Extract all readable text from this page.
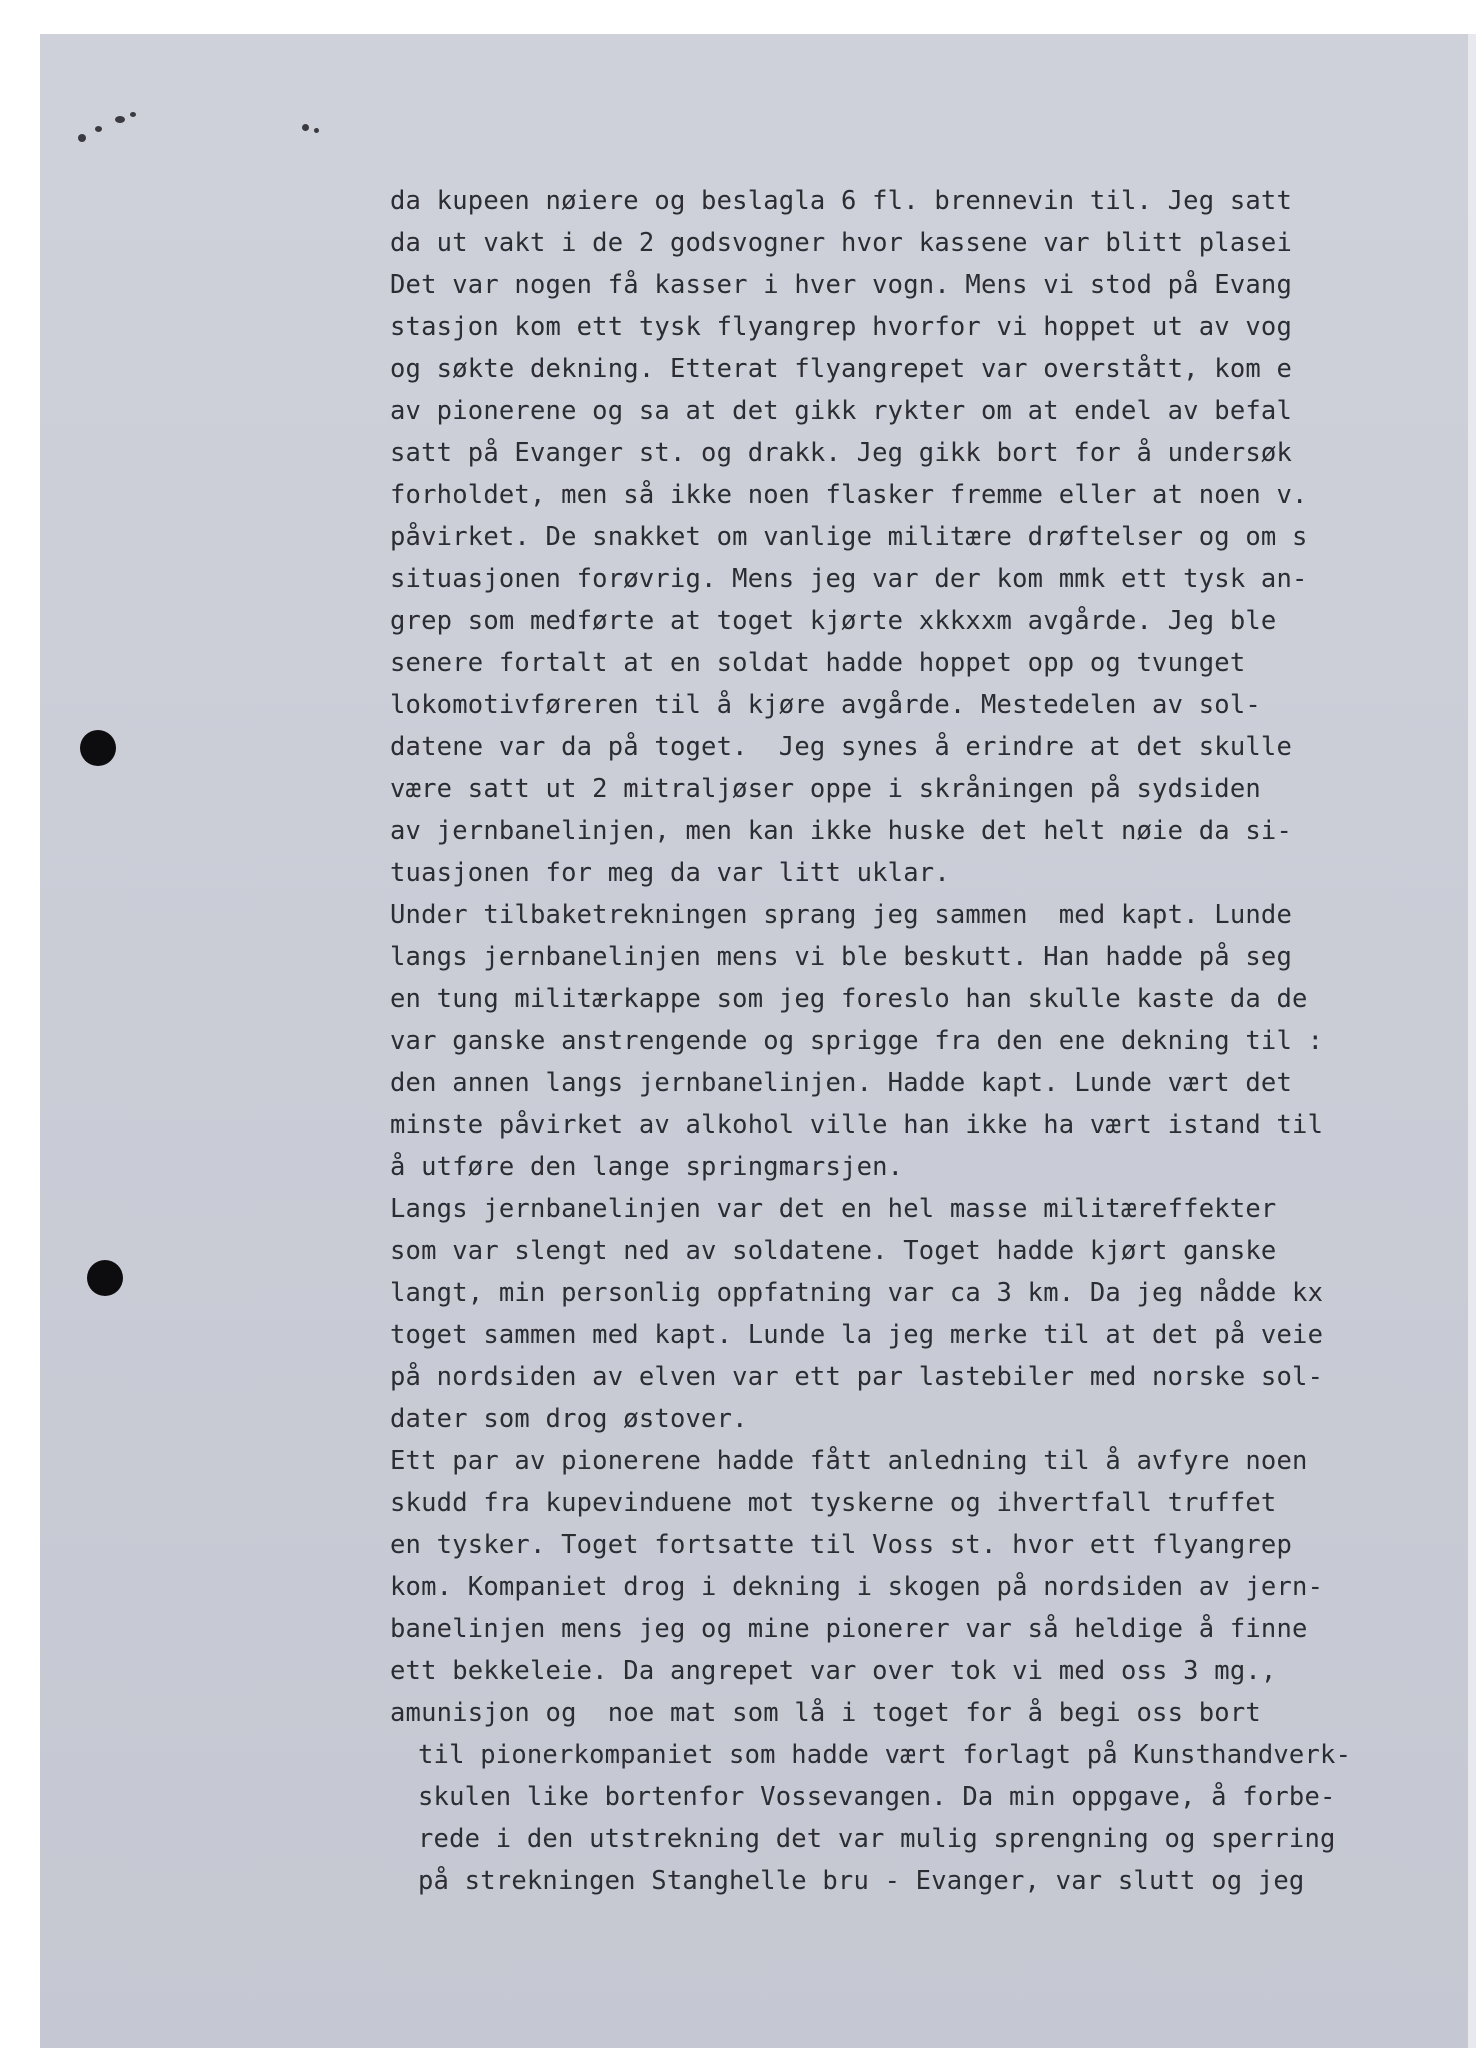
da kupeen nøiere og beslagla 6 fl. brennevin til. Jeg satt
da ut vakt i de 2 godsvogner hvor kassene var blitt plasei
Det var nogen få kasser i hver vogn. Mens vi stod på Evang
stasjon kom ett tysk flyangrep hvorfor vi hoppet ut av vog
og søkte dekning. Etterat flyangrepet var overstått, kom e
av pionerene og sa at det gikk rykter om at endel av befal
satt på Evanger st. og drakk. Jeg gikk bort for å undersøk
forholdet, men så ikke noen flasker fremme eller at noen v.
påvirket. De snakket om vanlige militære drøftelser og om s
situasjonen forøvrig. Mens jeg var der kom mmk ett tysk an-
grep som medførte at toget kjørte xkkxxm avgårde. Jeg ble
senere fortalt at en soldat hadde hoppet opp og tvunget
lokomotivføreren til å kjøre avgårde. Mestedelen av sol-
datene var da på toget.  Jeg synes å erindre at det skulle
være satt ut 2 mitraljøser oppe i skråningen på sydsiden
av jernbanelinjen, men kan ikke huske det helt nøie da si-
tuasjonen for meg da var litt uklar.
Under tilbaketrekningen sprang jeg sammen  med kapt. Lunde
langs jernbanelinjen mens vi ble beskutt. Han hadde på seg
en tung militærkappe som jeg foreslo han skulle kaste da de
var ganske anstrengende og sprigge fra den ene dekning til :
den annen langs jernbanelinjen. Hadde kapt. Lunde vært det
minste påvirket av alkohol ville han ikke ha vært istand til
å utføre den lange springmarsjen.
Langs jernbanelinjen var det en hel masse militæreffekter
som var slengt ned av soldatene. Toget hadde kjørt ganske
langt, min personlig oppfatning var ca 3 km. Da jeg nådde kx
toget sammen med kapt. Lunde la jeg merke til at det på veie
på nordsiden av elven var ett par lastebiler med norske sol-
dater som drog østover.
Ett par av pionerene hadde fått anledning til å avfyre noen
skudd fra kupevinduene mot tyskerne og ihvertfall truffet
en tysker. Toget fortsatte til Voss st. hvor ett flyangrep
kom. Kompaniet drog i dekning i skogen på nordsiden av jern-
banelinjen mens jeg og mine pionerer var så heldige å finne
ett bekkeleie. Da angrepet var over tok vi med oss 3 mg.,
amunisjon og  noe mat som lå i toget for å begi oss bort
til pionerkompaniet som hadde vært forlagt på Kunsthandverk-
skulen like bortenfor Vossevangen. Da min oppgave, å forbe-
rede i den utstrekning det var mulig sprengning og sperring
på strekningen Stanghelle bru - Evanger, var slutt og jeg
